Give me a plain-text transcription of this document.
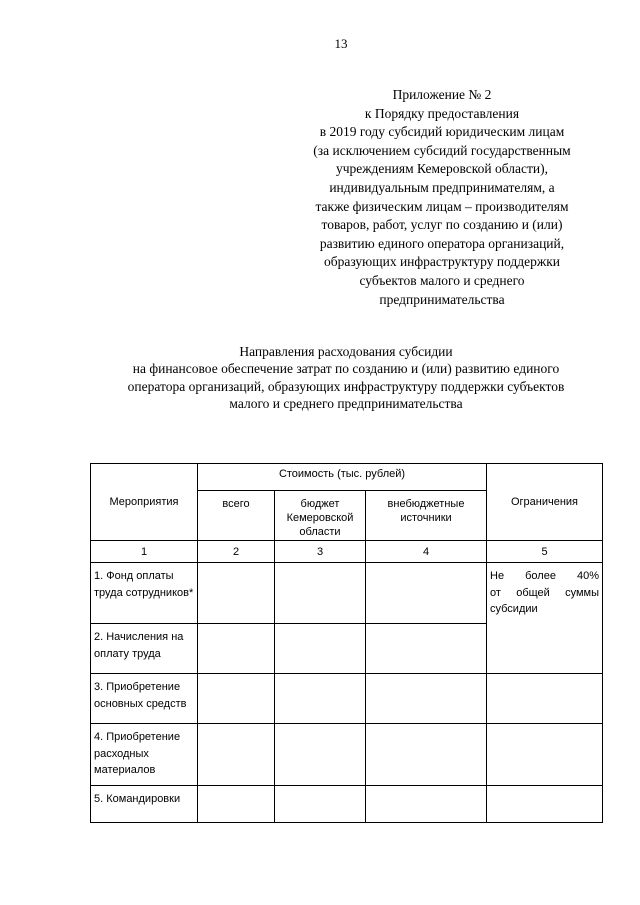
13
Приложение № 2
к Порядку предоставления
в 2019 году субсидий юридическим лицам
(за исключением субсидий государственным
учреждениям Кемеровской области),
индивидуальным предпринимателям, а
также физическим лицам – производителям
товаров, работ, услуг по созданию и (или)
развитию единого оператора организаций,
образующих инфраструктуру поддержки
субъектов малого и среднего
предпринимательства
Направления расходования субсидии
на финансовое обеспечение затрат по созданию и (или) развитию единого
оператора организаций, образующих инфраструктуру поддержки субъектов
малого и среднего предпринимательства
Мероприятия	Стоимость (тыс. рублей)			Ограничения
	всего	бюджет Кемеровской области	внебюджетные источники	
1	2	3	4	5
1. Фонд оплаты труда сотрудников*				Не более 40%
от общей суммы
субсидии

2. Начисления на оплату труда				
3. Приобретение основных средств				
4. Приобретение расходных материалов				
5. Командировки				
